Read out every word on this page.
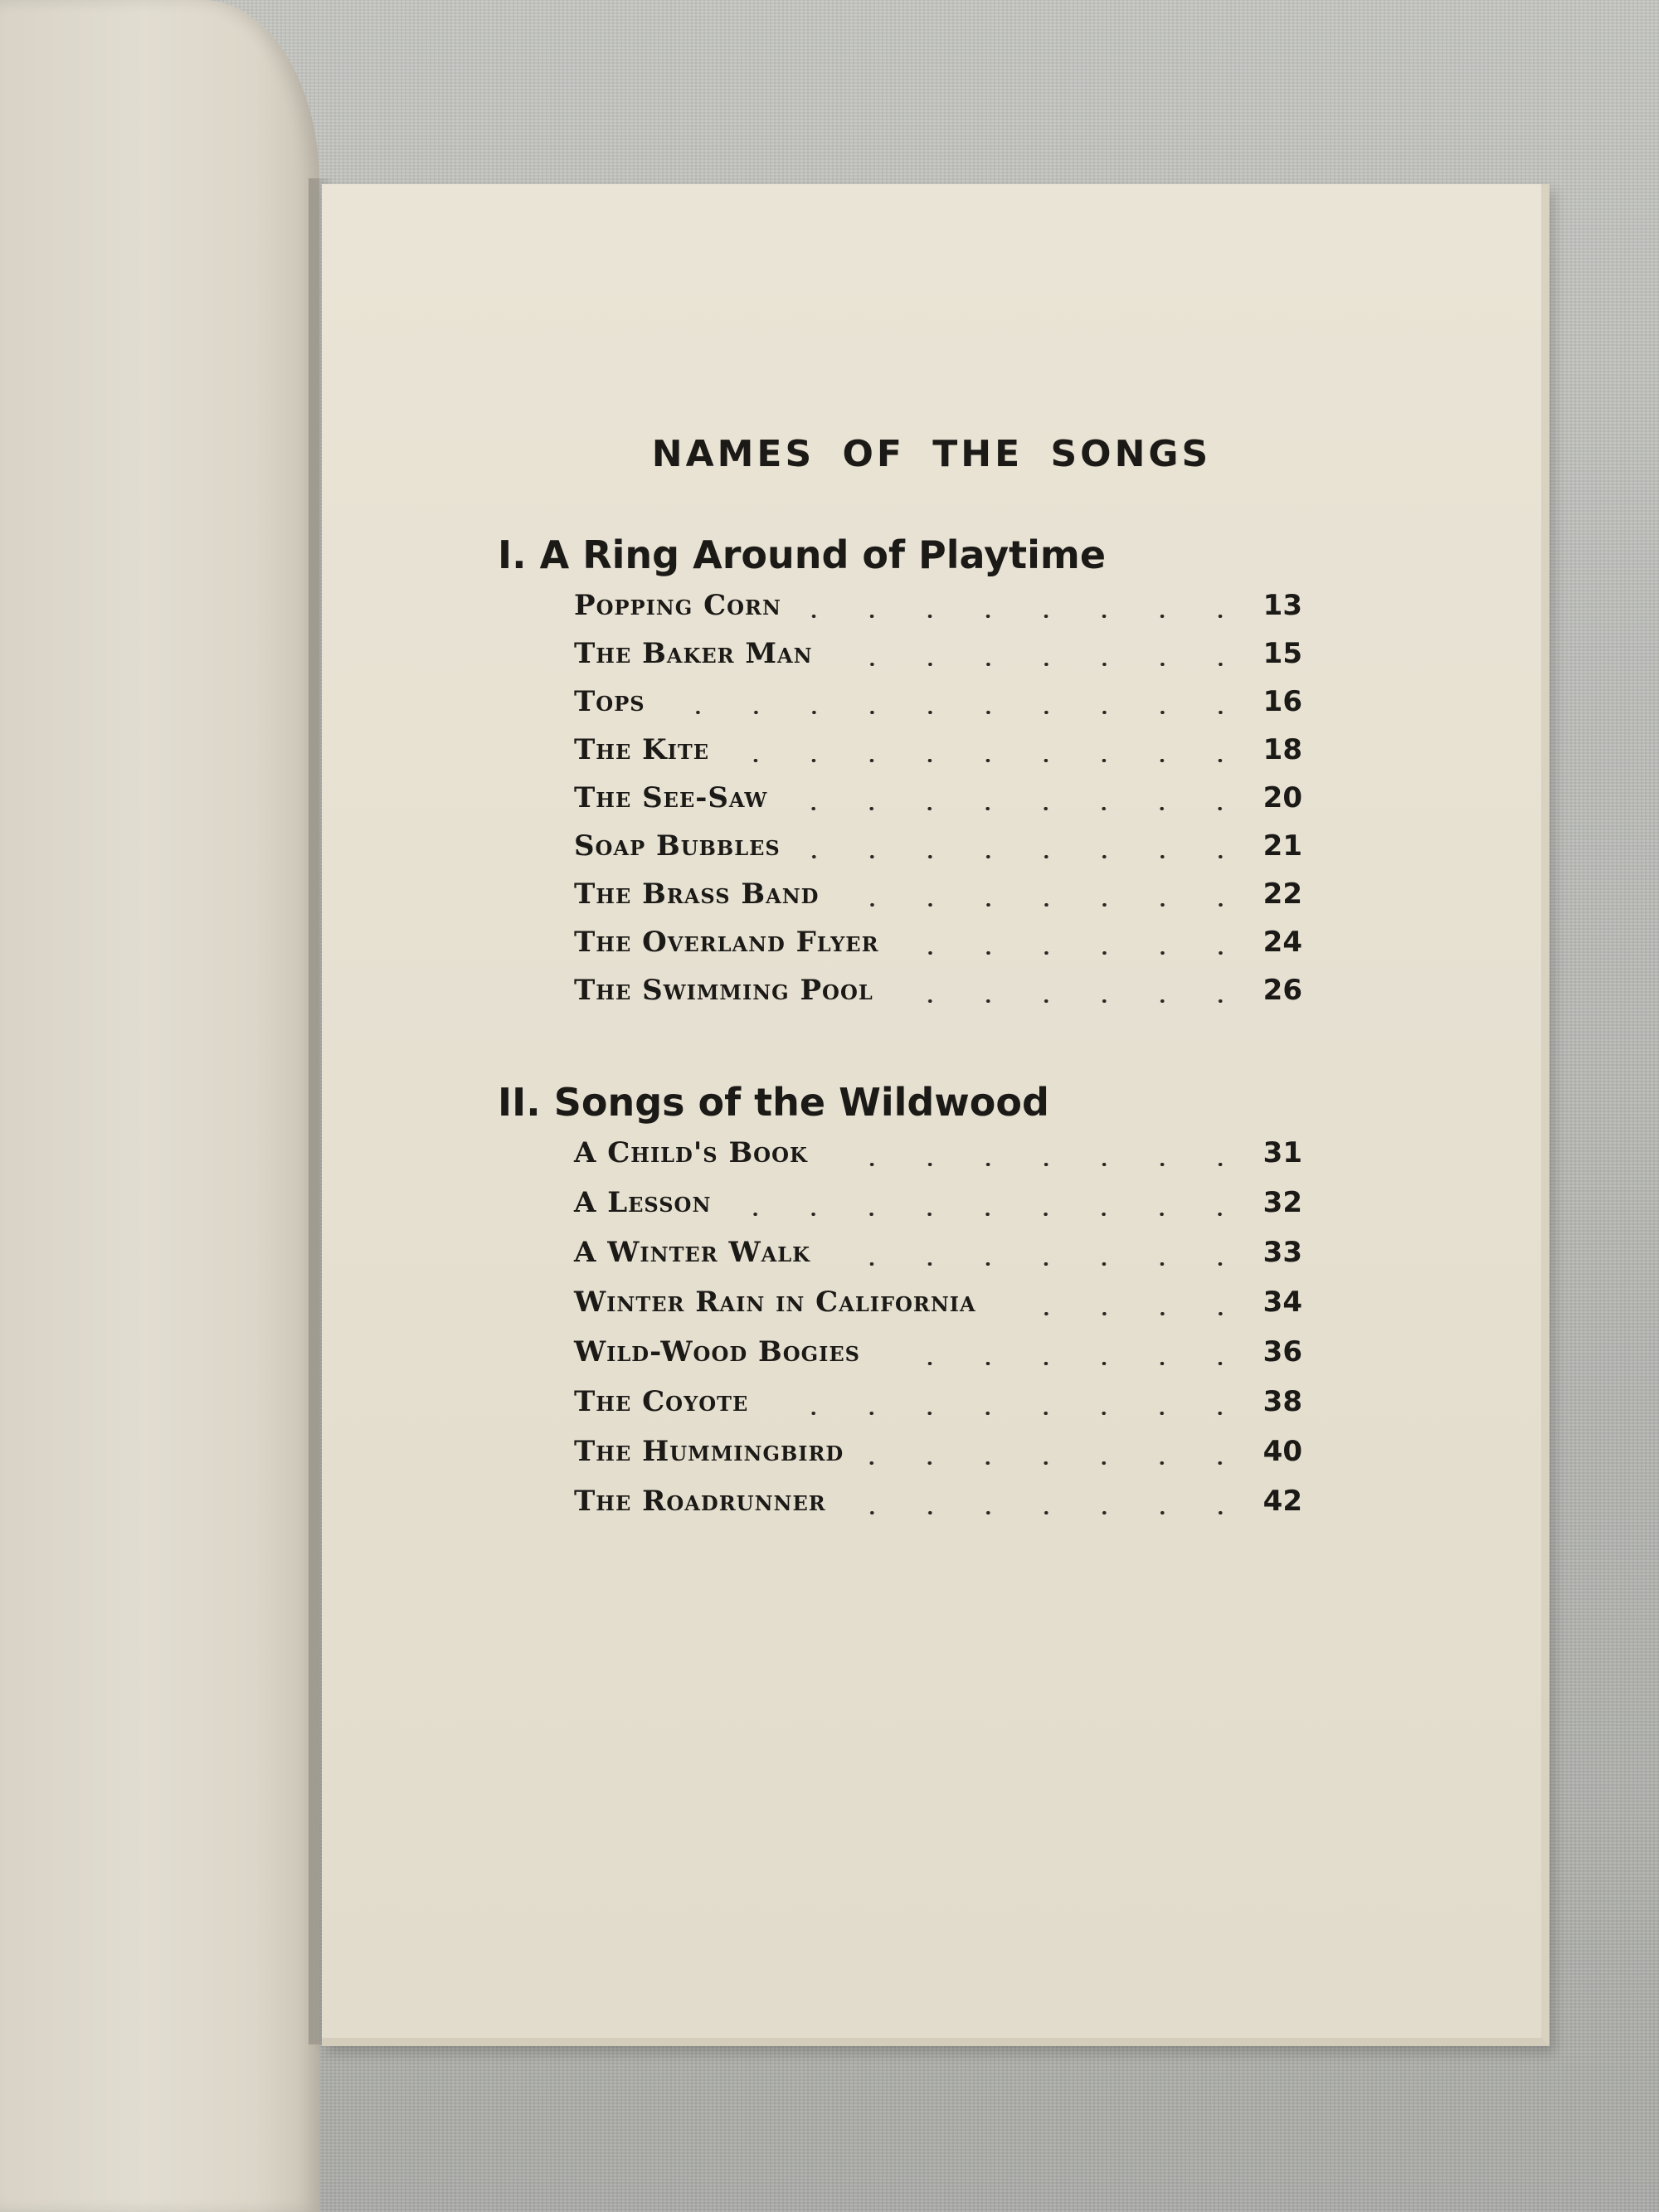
NAMES OF THE SONGS
I. A Ring Around of Playtime
Popping Corn	13
The Baker Man	15
Tops	16
The Kite	18
The See-Saw	20
Soap Bubbles	21
The Brass Band	22
The Overland Flyer	24
The Swimming Pool	26
II. Songs of the Wildwood
A Child's Book	31
A Lesson	32
A Winter Walk	33
Winter Rain in California	34
Wild-Wood Bogies	36
The Coyote	38
The Hummingbird	40
The Roadrunner	42
